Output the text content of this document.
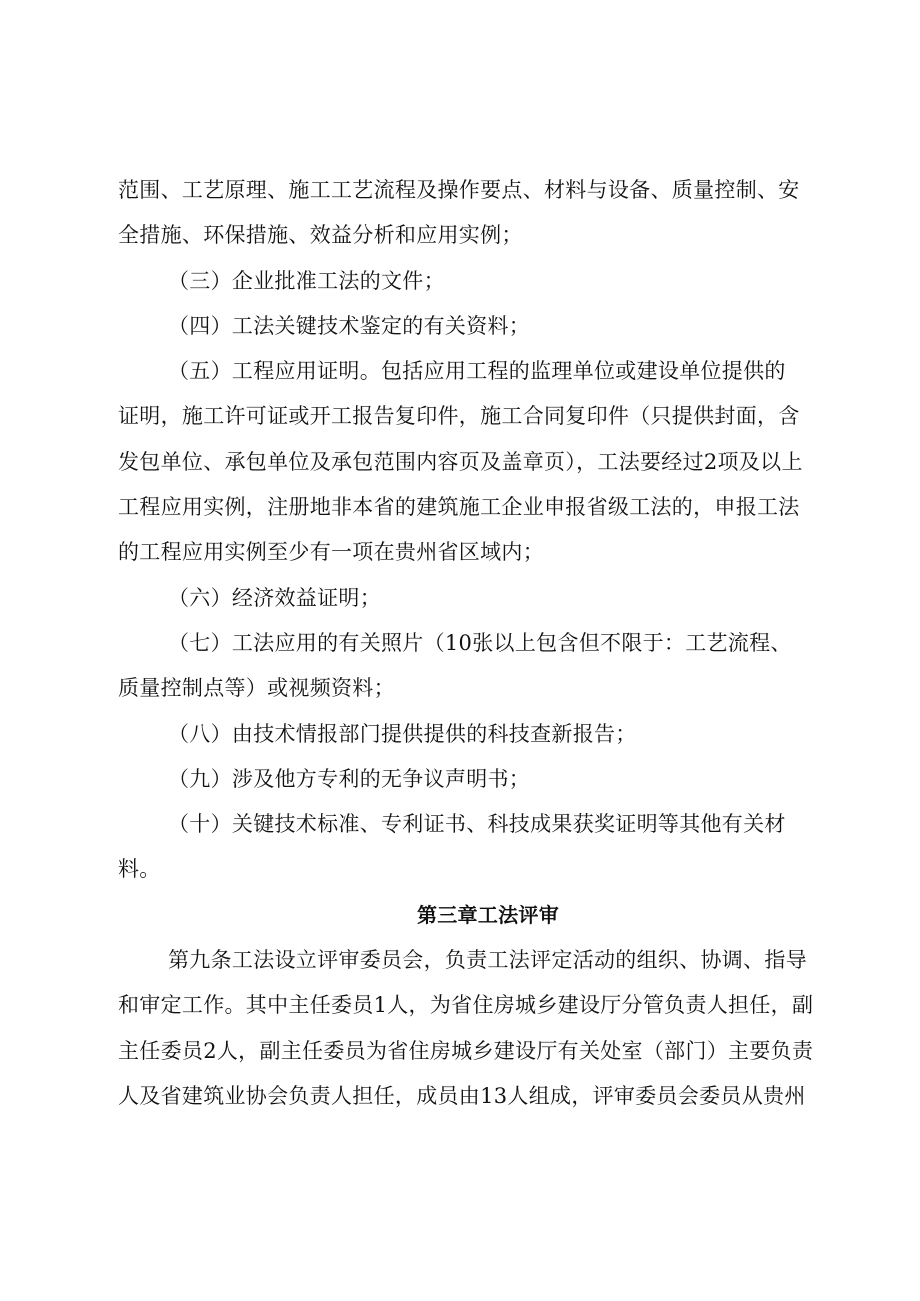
范围、工艺原理、施工工艺流程及操作要点、材料与设备、质量控制、安
全措施、环保措施、效益分析和应用实例；
（三）企业批准工法的文件；
（四）工法关键技术鉴定的有关资料；
（五）工程应用证明。包括应用工程的监理单位或建设单位提供的
证明，施工许可证或开工报告复印件，施工合同复印件（只提供封面，含
发包单位、承包单位及承包范围内容页及盖章页），工法要经过2项及以上
工程应用实例，注册地非本省的建筑施工企业申报省级工法的，申报工法
的工程应用实例至少有一项在贵州省区域内；
（六）经济效益证明；
（七）工法应用的有关照片（10张以上包含但不限于：工艺流程、
质量控制点等）或视频资料；
（八）由技术情报部门提供提供的科技查新报告；
（九）涉及他方专利的无争议声明书；
（十）关键技术标准、专利证书、科技成果获奖证明等其他有关材
料。
第三章工法评审
第九条工法设立评审委员会，负责工法评定活动的组织、协调、指导
和审定工作。其中主任委员1人，为省住房城乡建设厅分管负责人担任，副
主任委员2人，副主任委员为省住房城乡建设厅有关处室（部门）主要负责
人及省建筑业协会负责人担任，成员由13人组成，评审委员会委员从贵州
